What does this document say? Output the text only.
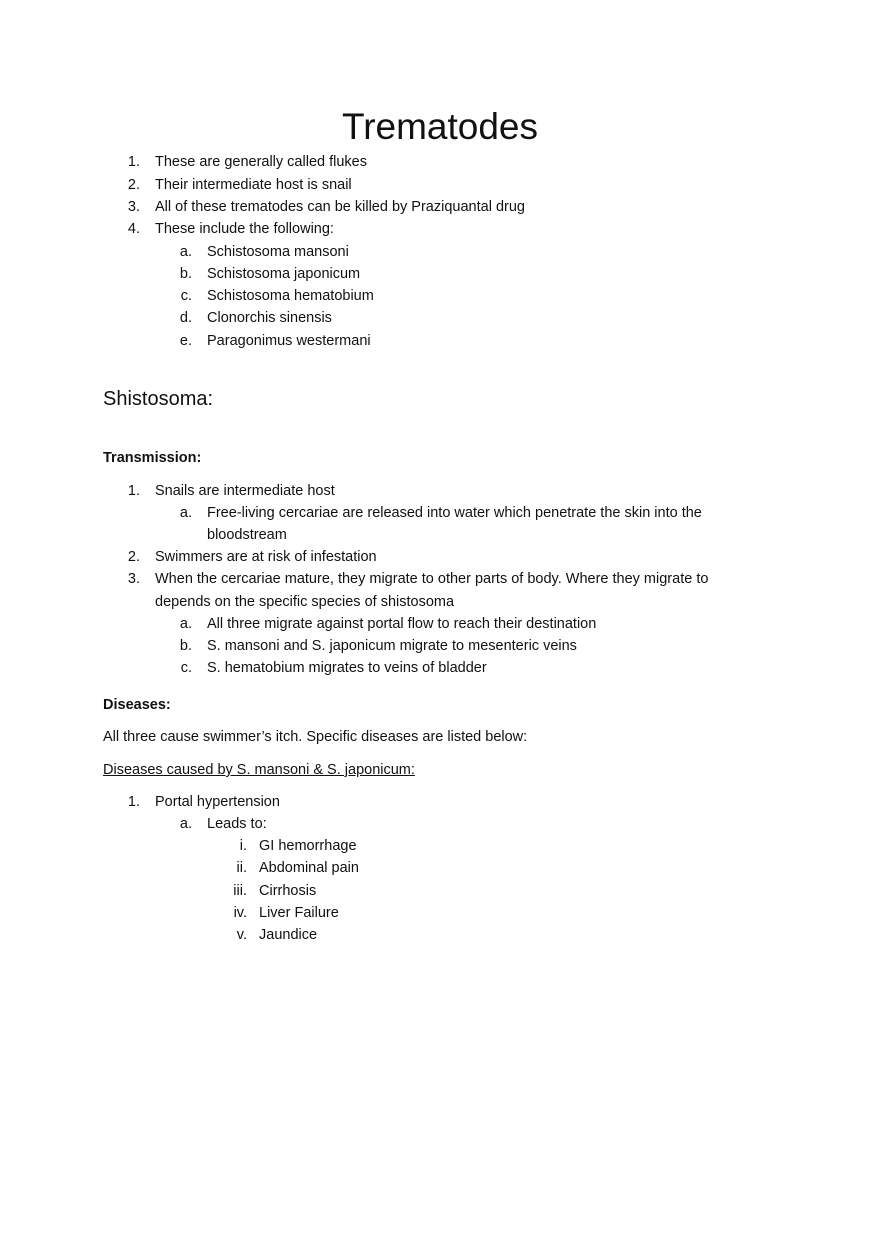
Trematodes
1. These are generally called flukes
2. Their intermediate host is snail
3. All of these trematodes can be killed by Praziquantal drug
4. These include the following:
a. Schistosoma mansoni
b. Schistosoma japonicum
c. Schistosoma hematobium
d. Clonorchis sinensis
e. Paragonimus westermani
Shistosoma:
Transmission:
1. Snails are intermediate host
a. Free-living cercariae are released into water which penetrate the skin into the
bloodstream
2. Swimmers are at risk of infestation
3. When the cercariae mature, they migrate to other parts of body. Where they migrate to
depends on the specific species of shistosoma
a. All three migrate against portal flow to reach their destination
b. S. mansoni and S. japonicum migrate to mesenteric veins
c. S. hematobium migrates to veins of bladder
Diseases:
All three cause swimmer’s itch. Specific diseases are listed below:
Diseases caused by S. mansoni & S. japonicum:
1. Portal hypertension
a. Leads to:
i. GI hemorrhage
ii. Abdominal pain
iii. Cirrhosis
iv. Liver Failure
v. Jaundice
